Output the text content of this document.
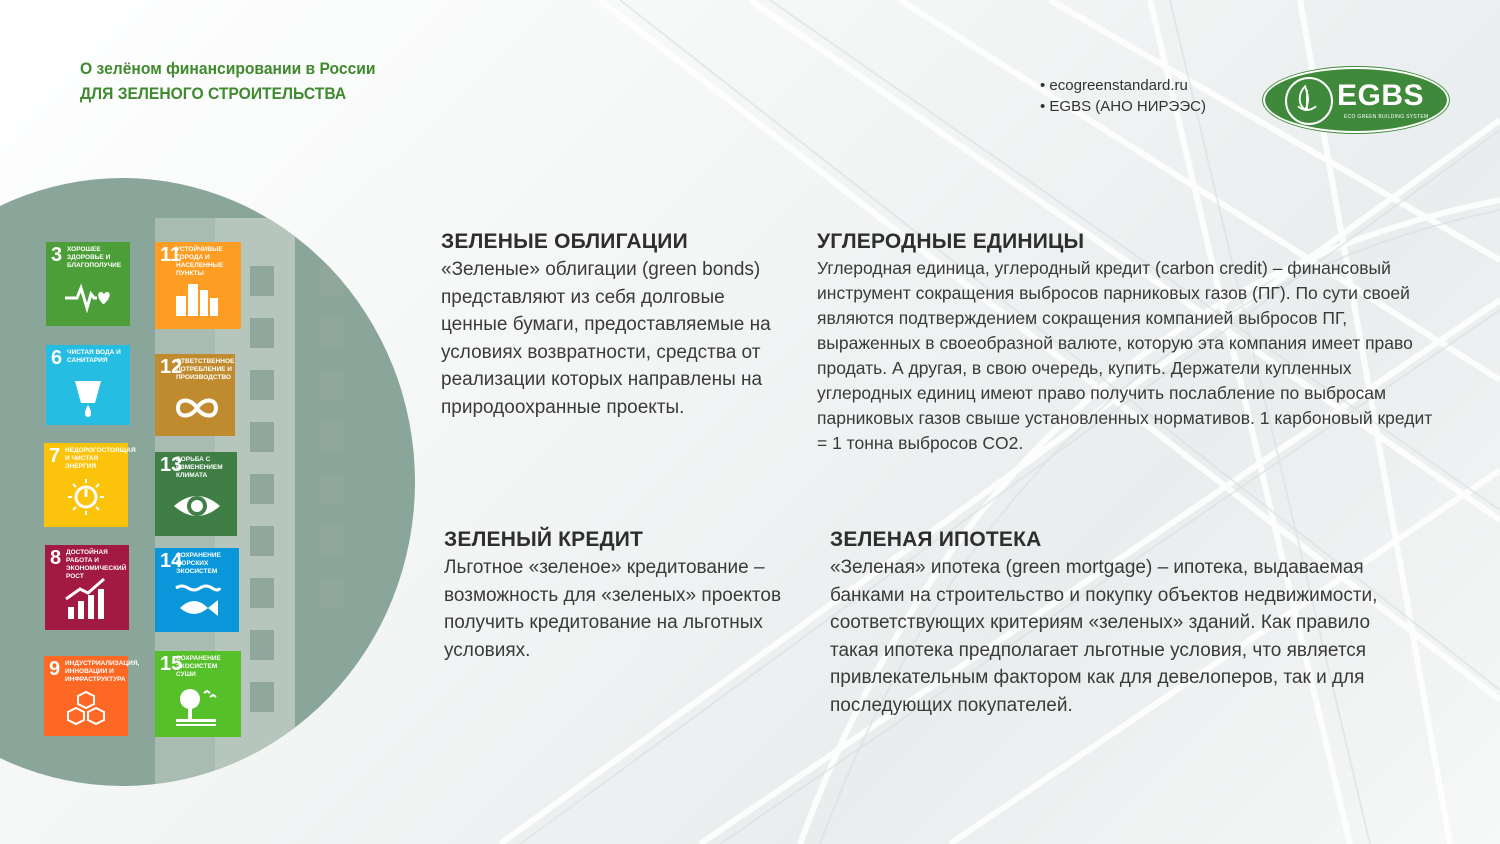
О зелёном финансировании в России
ДЛЯ ЗЕЛЕНОГО СТРОИТЕЛЬСТВА	• ecogreenstandard.ru
• EGBS (АНО НИРЭЭС)	EGBS
ECO GREEN BUILDING SYSTEM
3 ХОРОШЕЕ ЗДОРОВЬЕ И БЛАГОПОЛУЧИЕ
6 ЧИСТАЯ ВОДА И САНИТАРИЯ
7 НЕДОРОГОСТОЯЩАЯ И ЧИСТАЯ ЭНЕРГИЯ
8 ДОСТОЙНАЯ РАБОТА И ЭКОНОМИЧЕСКИЙ РОСТ
9 ИНДУСТРИАЛИЗАЦИЯ, ИННОВАЦИИ И ИНФРАСТРУКТУРА
11
УСТОЙЧИВЫЕ ГОРОДА И НАСЕЛЕННЫЕ ПУНКТЫ
12
ОТВЕТСТВЕННОЕ ПОТРЕБЛЕНИЕ И ПРОИЗВОДСТВО
13
БОРЬБА С ИЗМЕНЕНИЕМ КЛИМАТА
14
СОХРАНЕНИЕ МОРСКИХ ЭКОСИСТЕМ
15
СОХРАНЕНИЕ ЭКОСИСТЕМ СУШИ
ЗЕЛЕНЫЕ ОБЛИГАЦИИ

«Зеленые» облигации (green bonds) представляют из себя долговые ценные бумаги, предоставляемые на условиях возвратности, средства от реализации которых направлены на природоохранные проекты.

УГЛЕРОДНЫЕ ЕДИНИЦЫ

Углеродная единица, углеродный кредит (carbon credit) – финансовый инструмент сокращения выбросов парниковых газов (ПГ). По сути своей являются подтверждением сокращения компанией выбросов ПГ, выраженных в своеобразной валюте, которую эта компания имеет право продать. А другая, в свою очередь, купить. Держатели купленных углеродных единиц имеют право получить послабление по выбросам парниковых газов свыше установленных нормативов. 1 карбоновый кредит = 1 тонна выбросов CO2.

ЗЕЛЕНЫЙ КРЕДИТ

Льготное «зеленое» кредитование – возможность для «зеленых» проектов получить кредитование на льготных условиях.

ЗЕЛЕНАЯ ИПОТЕКА

«Зеленая» ипотека (green mortgage) – ипотека, выдаваемая банками на строительство и покупку объектов недвижимости, соответствующих критериям «зеленых» зданий. Как правило такая ипотека предполагает льготные условия, что является привлекательным фактором как для девелоперов, так и для последующих покупателей.
